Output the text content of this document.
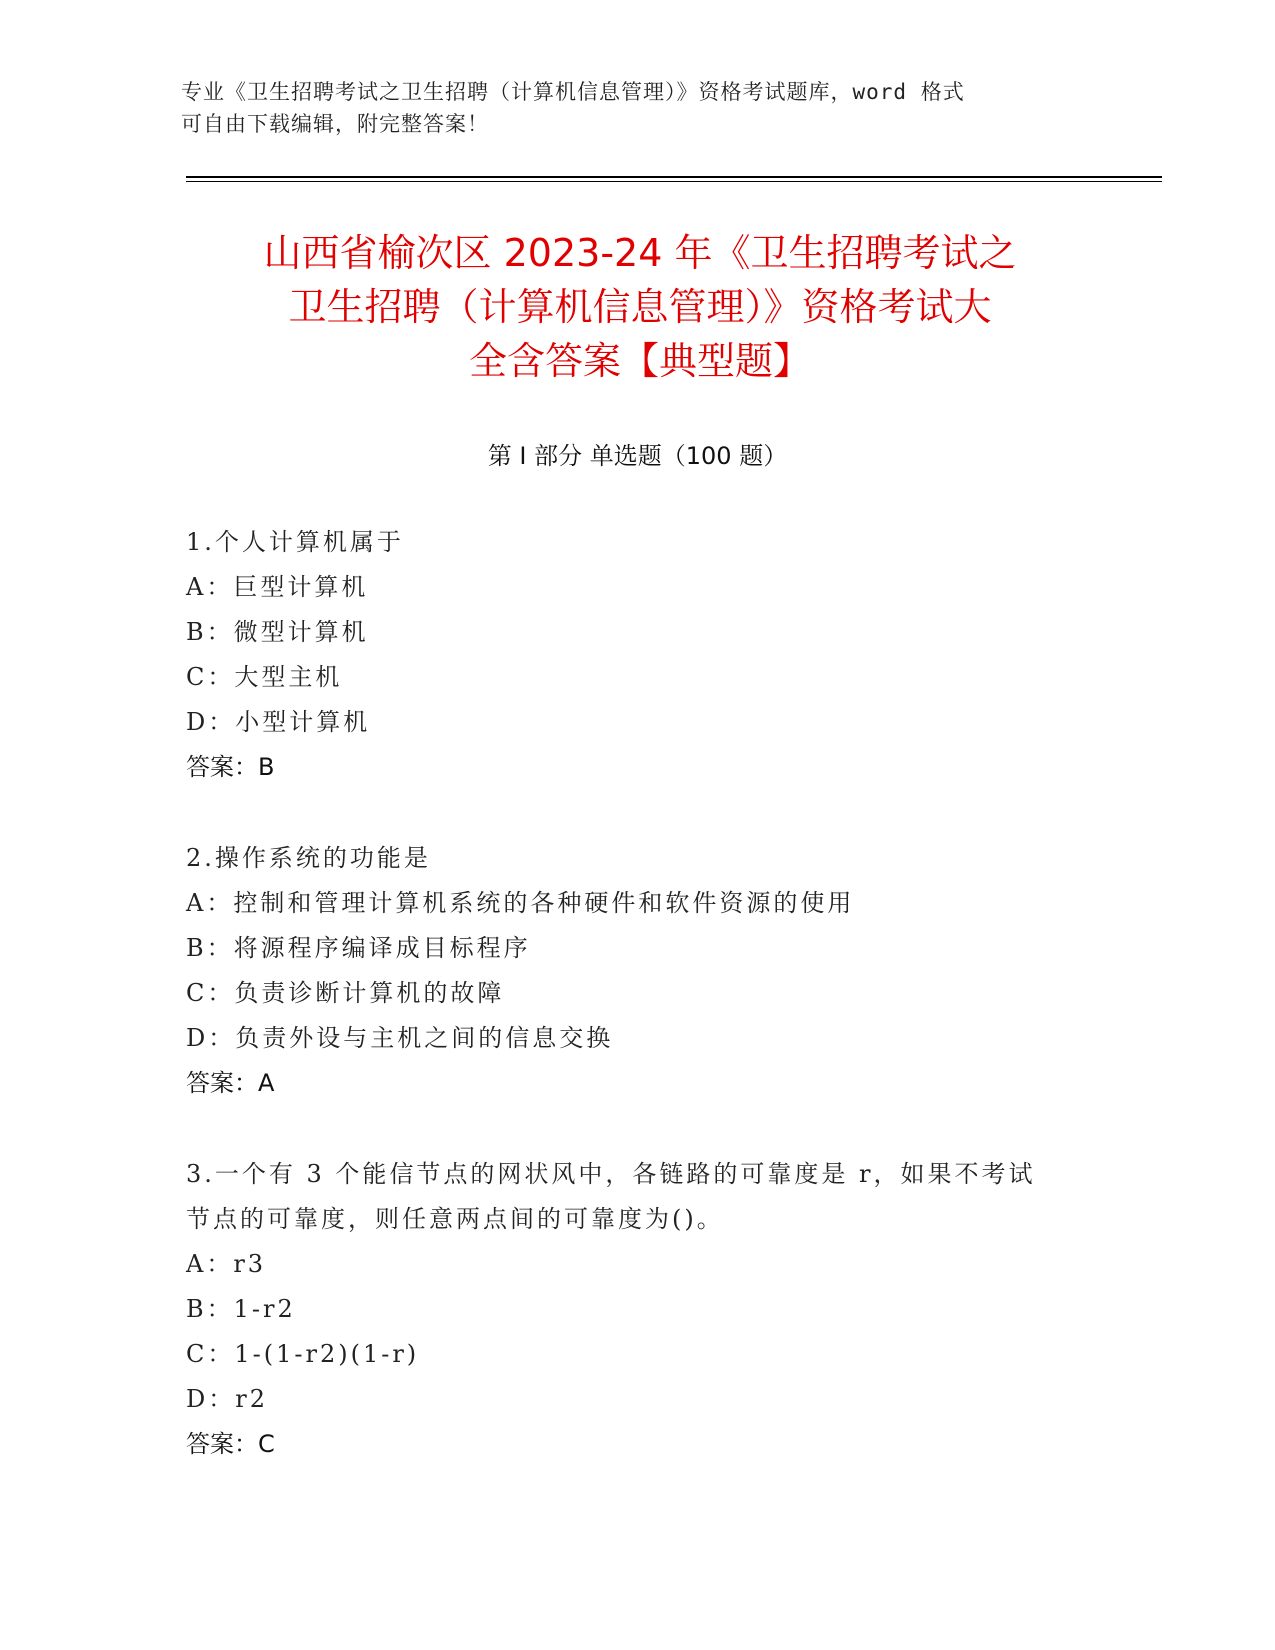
专业《卫生招聘考试之卫生招聘（计算机信息管理）》资格考试题库，word 格式
可自由下载编辑，附完整答案！
山西省榆次区 2023-24 年《卫生招聘考试之
卫生招聘（计算机信息管理）》资格考试大
全含答案【典型题】
第 I 部分 单选题（100 题）
1.个人计算机属于
A：巨型计算机
B：微型计算机
C：大型主机
D：小型计算机
答案：B
2.操作系统的功能是
A：控制和管理计算机系统的各种硬件和软件资源的使用
B：将源程序编译成目标程序
C：负责诊断计算机的故障
D：负责外设与主机之间的信息交换
答案：A
3.一个有 3 个能信节点的网状风中，各链路的可靠度是 r，如果不考试
节点的可靠度，则任意两点间的可靠度为()。
A：r3
B：1-r2
C：1-(1-r2)(1-r)
D：r2
答案：C
